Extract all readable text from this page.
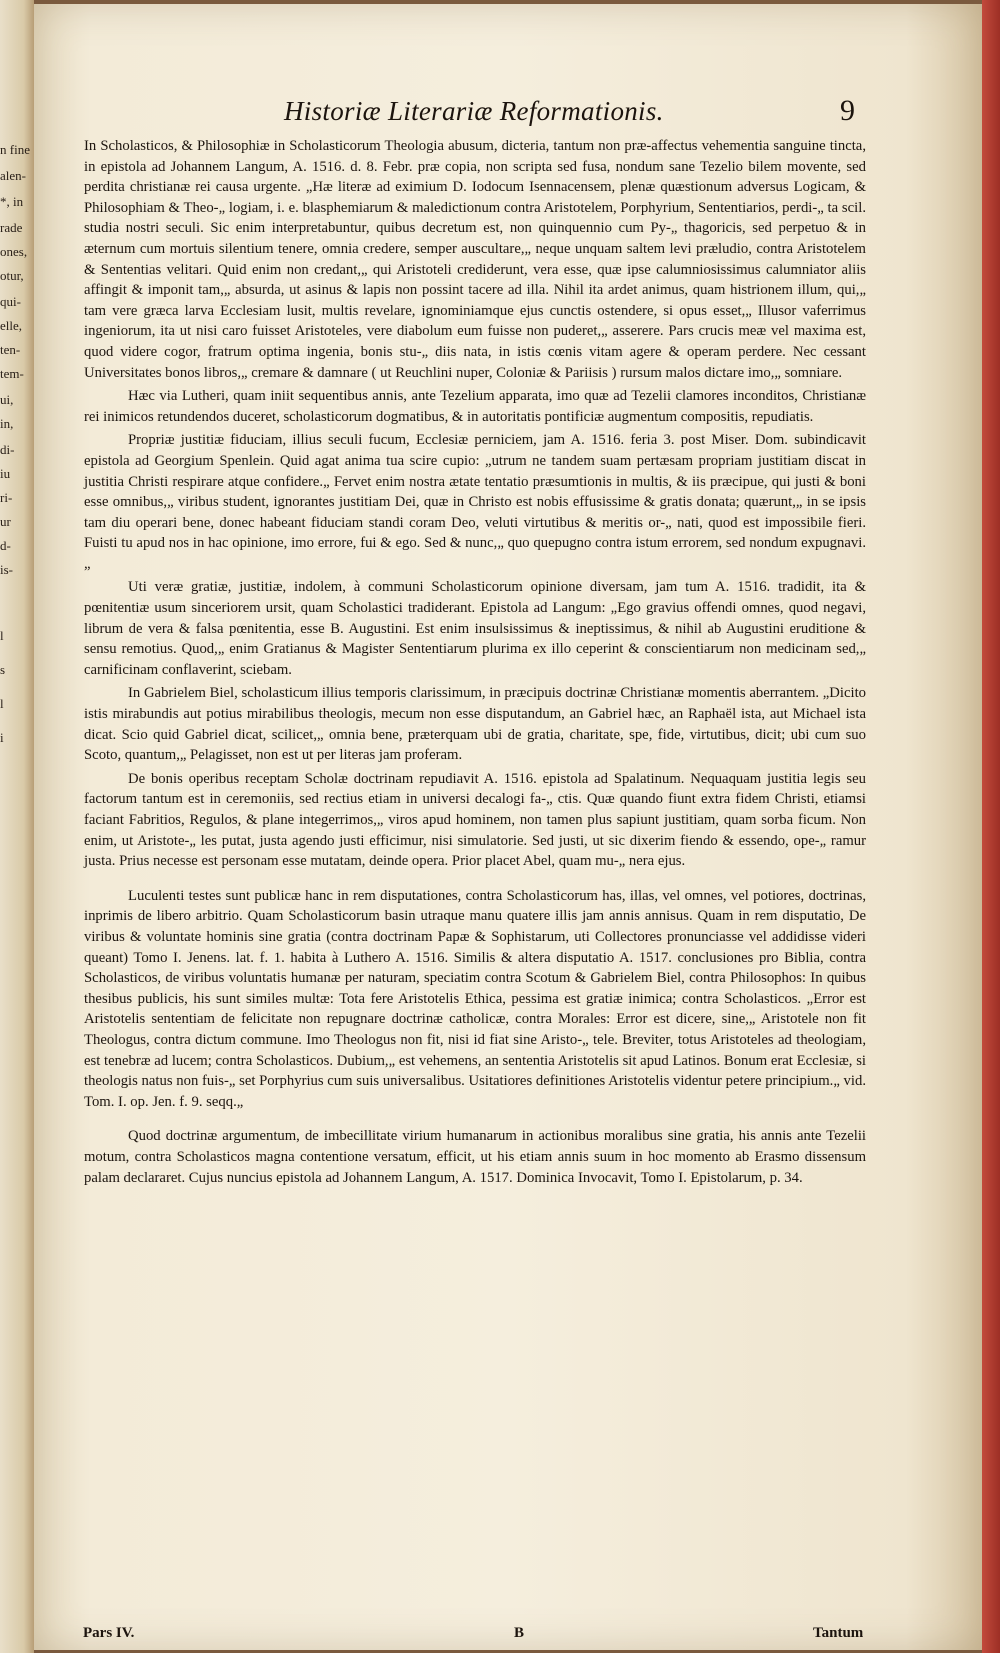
n fine
alen-
*, in
rade
ones,
otur,
qui-
elle,
ten-
tem-
ui,
in,
di-
iu
ri-
ur
d-
is-
l
s
l
i
Historiæ Literariæ Reformationis.	9

In Scholasticos, & Philosophiæ in Scholasticorum Theologia abusum, dicteria, tantum non præ-affectus vehementia sanguine tincta, in epistola ad Johannem Langum, A. 1516. d. 8. Febr. præ copia, non scripta sed fusa, nondum sane Tezelio bilem movente, sed perdita christianæ rei causa urgente. „Hæ literæ ad eximium D. Iodocum Isennacensem, plenæ quæstionum adversus Logicam, & Philosophiam & Theo-„ logiam, i. e. blasphemiarum & maledictionum contra Aristotelem, Porphyrium, Sententiarios, perdi-„ ta scil. studia nostri seculi. Sic enim interpretabuntur, quibus decretum est, non quinquennio cum Py-„ thagoricis, sed perpetuo & in æternum cum mortuis silentium tenere, omnia credere, semper auscultare,„ neque unquam saltem levi præludio, contra Aristotelem & Sententias velitari. Quid enim non credant,„ qui Aristoteli crediderunt, vera esse, quæ ipse calumniosissimus calumniator aliis affingit & imponit tam,„ absurda, ut asinus & lapis non possint tacere ad illa. Nihil ita ardet animus, quam histrionem illum, qui,„ tam vere græca larva Ecclesiam lusit, multis revelare, ignominiamque ejus cunctis ostendere, si opus esset,„ Illusor vaferrimus ingeniorum, ita ut nisi caro fuisset Aristoteles, vere diabolum eum fuisse non puderet,„ asserere. Pars crucis meæ vel maxima est, quod videre cogor, fratrum optima ingenia, bonis stu-„ diis nata, in istis cœnis vitam agere & operam perdere. Nec cessant Universitates bonos libros,„ cremare & damnare ( ut Reuchlini nuper, Coloniæ & Pariisis ) rursum malos dictare imo,„ somniare.

Hæc via Lutheri, quam iniit sequentibus annis, ante Tezelium apparata, imo quæ ad Tezelii clamores inconditos, Christianæ rei inimicos retundendos duceret, scholasticorum dogmatibus, & in autoritatis pontificiæ augmentum compositis, repudiatis.

Propriæ justitiæ fiduciam, illius seculi fucum, Ecclesiæ perniciem, jam A. 1516. feria 3. post Miser. Dom. subindicavit epistola ad Georgium Spenlein. Quid agat anima tua scire cupio: „utrum ne tandem suam pertæsam propriam justitiam discat in justitia Christi respirare atque confidere.„ Fervet enim nostra ætate tentatio præsumtionis in multis, & iis præcipue, qui justi & boni esse omnibus,„ viribus student, ignorantes justitiam Dei, quæ in Christo est nobis effusissime & gratis donata; quærunt,„ in se ipsis tam diu operari bene, donec habeant fiduciam standi coram Deo, veluti virtutibus & meritis or-„ nati, quod est impossibile fieri. Fuisti tu apud nos in hac opinione, imo errore, fui & ego. Sed & nunc,„ quo quepugno contra istum errorem, sed nondum expugnavi.„

Uti veræ gratiæ, justitiæ, indolem, à communi Scholasticorum opinione diversam, jam tum A. 1516. tradidit, ita & pœnitentiæ usum sinceriorem ursit, quam Scholastici tradiderant. Epistola ad Langum: „Ego gravius offendi omnes, quod negavi, librum de vera & falsa pœnitentia, esse B. Augustini. Est enim insulsissimus & ineptissimus, & nihil ab Augustini eruditione & sensu remotius. Quod,„ enim Gratianus & Magister Sententiarum plurima ex illo ceperint & conscientiarum non medicinam sed,„ carnificinam conflaverint, sciebam.

In Gabrielem Biel, scholasticum illius temporis clarissimum, in præcipuis doctrinæ Christianæ momentis aberrantem. „Dicito istis mirabundis aut potius mirabilibus theologis, mecum non esse disputandum, an Gabriel hæc, an Raphaël ista, aut Michael ista dicat. Scio quid Gabriel dicat, scilicet,„ omnia bene, præterquam ubi de gratia, charitate, spe, fide, virtutibus, dicit; ubi cum suo Scoto, quantum,„ Pelagisset, non est ut per literas jam proferam.

De bonis operibus receptam Scholæ doctrinam repudiavit A. 1516. epistola ad Spalatinum. Nequaquam justitia legis seu factorum tantum est in ceremoniis, sed rectius etiam in universi decalogi fa-„ ctis. Quæ quando fiunt extra fidem Christi, etiamsi faciant Fabritios, Regulos, & plane integerrimos,„ viros apud hominem, non tamen plus sapiunt justitiam, quam sorba ficum. Non enim, ut Aristote-„ les putat, justa agendo justi efficimur, nisi simulatorie. Sed justi, ut sic dixerim fiendo & essendo, ope-„ ramur justa. Prius necesse est personam esse mutatam, deinde opera. Prior placet Abel, quam mu-„ nera ejus.

Luculenti testes sunt publicæ hanc in rem disputationes, contra Scholasticorum has, illas, vel omnes, vel potiores, doctrinas, inprimis de libero arbitrio. Quam Scholasticorum basin utraque manu quatere illis jam annis annisus. Quam in rem disputatio, De viribus & voluntate hominis sine gratia (contra doctrinam Papæ & Sophistarum, uti Collectores pronunciasse vel addidisse videri queant) Tomo I. Jenens. lat. f. 1. habita à Luthero A. 1516. Similis & altera disputatio A. 1517. conclusiones pro Biblia, contra Scholasticos, de viribus voluntatis humanæ per naturam, speciatim contra Scotum & Gabrielem Biel, contra Philosophos: In quibus thesibus publicis, his sunt similes multæ: Tota fere Aristotelis Ethica, pessima est gratiæ inimica; contra Scholasticos. „Error est Aristotelis sententiam de felicitate non repugnare doctrinæ catholicæ, contra Morales: Error est dicere, sine,„ Aristotele non fit Theologus, contra dictum commune. Imo Theologus non fit, nisi id fiat sine Aristo-„ tele. Breviter, totus Aristoteles ad theologiam, est tenebræ ad lucem; contra Scholasticos. Dubium,„ est vehemens, an sententia Aristotelis sit apud Latinos. Bonum erat Ecclesiæ, si theologis natus non fuis-„ set Porphyrius cum suis universalibus. Usitatiores definitiones Aristotelis videntur petere principium.„ vid. Tom. I. op. Jen. f. 9. seqq.„

Quod doctrinæ argumentum, de imbecillitate virium humanarum in actionibus moralibus sine gratia, his annis ante Tezelii motum, contra Scholasticos magna contentione versatum, efficit, ut his etiam annis suum in hoc momento ab Erasmo dissensum palam declararet. Cujus nuncius epistola ad Johannem Langum, A. 1517. Dominica Invocavit, Tomo I. Epistolarum, p. 34.

Pars IV.	B	Tantum
